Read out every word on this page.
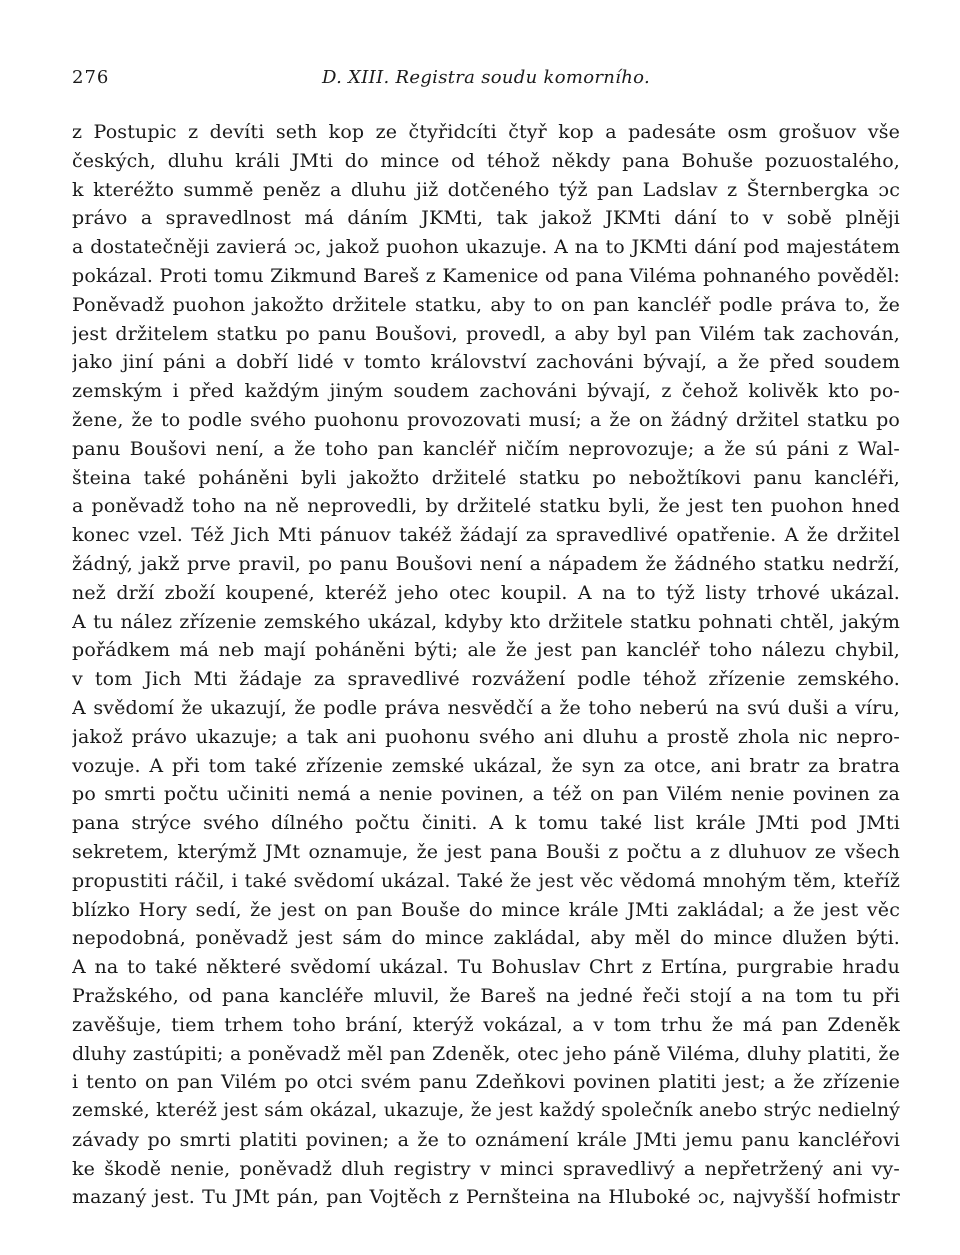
276	D. XIII. Registra soudu komorního.
z Postupic z devíti seth kop ze čtyřidcíti čtyř kop a padesáte osm grošuov vše
českých, dluhu králi JMti do mince od téhož někdy pana Bohuše pozuostalého,
k kteréžto summě peněz a dluhu již dotčeného týž pan Ladslav z Šternbergka ɔc
právo a spravedlnost má dáním JKMti, tak jakož JKMti dání to v sobě plněji
a dostatečněji zavierá ɔc, jakož puohon ukazuje. A na to JKMti dání pod majestátem
pokázal. Proti tomu Zikmund Bareš z Kamenice od pana Viléma pohnaného pověděl:
Poněvadž puohon jakožto držitele statku, aby to on pan kancléř podle práva to, že
jest držitelem statku po panu Boušovi, provedl, a aby byl pan Vilém tak zachován,
jako jiní páni a dobří lidé v tomto království zachováni bývají, a že před soudem
zemským i před každým jiným soudem zachováni bývají, z čehož kolivěk kto po-
žene, že to podle svého puohonu provozovati musí; a že on žádný držitel statku po
panu Boušovi není, a že toho pan kancléř ničím neprovozuje; a že sú páni z Wal-
šteina také poháněni byli jakožto držitelé statku po nebožtíkovi panu kancléři,
a poněvadž toho na ně neprovedli, by držitelé statku byli, že jest ten puohon hned
konec vzel. Též Jich Mti pánuov takéž žádají za spravedlivé opatřenie. A že držitel
žádný, jakž prve pravil, po panu Boušovi není a nápadem že žádného statku nedrží,
než drží zboží koupené, kteréž jeho otec koupil. A na to týž listy trhové ukázal.
A tu nález zřízenie zemského ukázal, kdyby kto držitele statku pohnati chtěl, jakým
pořádkem má neb mají poháněni býti; ale že jest pan kancléř toho nálezu chybil,
v tom Jich Mti žádaje za spravedlivé rozvážení podle téhož zřízenie zemského.
A svědomí že ukazují, že podle práva nesvědčí a že toho neberú na svú duši a víru,
jakož právo ukazuje; a tak ani puohonu svého ani dluhu a prostě zhola nic nepro-
vozuje. A při tom také zřízenie zemské ukázal, že syn za otce, ani bratr za bratra
po smrti počtu učiniti nemá a nenie povinen, a též on pan Vilém nenie povinen za
pana strýce svého dílného počtu činiti. A k tomu také list krále JMti pod JMti
sekretem, kterýmž JMt oznamuje, že jest pana Bouši z počtu a z dluhuov ze všech
propustiti ráčil, i také svědomí ukázal. Také že jest věc vědomá mnohým těm, kteříž
blízko Hory sedí, že jest on pan Bouše do mince krále JMti zakládal; a že jest věc
nepodobná, poněvadž jest sám do mince zakládal, aby měl do mince dlužen býti.
A na to také některé svědomí ukázal. Tu Bohuslav Chrt z Ertína, purgrabie hradu
Pražského, od pana kancléře mluvil, že Bareš na jedné řeči stojí a na tom tu při
zavěšuje, tiem trhem toho brání, kterýž vokázal, a v tom trhu že má pan Zdeněk
dluhy zastúpiti; a poněvadž měl pan Zdeněk, otec jeho páně Viléma, dluhy platiti, že
i tento on pan Vilém po otci svém panu Zdeňkovi povinen platiti jest; a že zřízenie
zemské, kteréž jest sám okázal, ukazuje, že jest každý společník anebo strýc nedielný
závady po smrti platiti povinen; a že to oznámení krále JMti jemu panu kancléřovi
ke škodě nenie, poněvadž dluh registry v minci spravedlivý a nepřetržený ani vy-
mazaný jest. Tu JMt pán, pan Vojtěch z Pernšteina na Hluboké ɔc, najvyšší hofmistr
